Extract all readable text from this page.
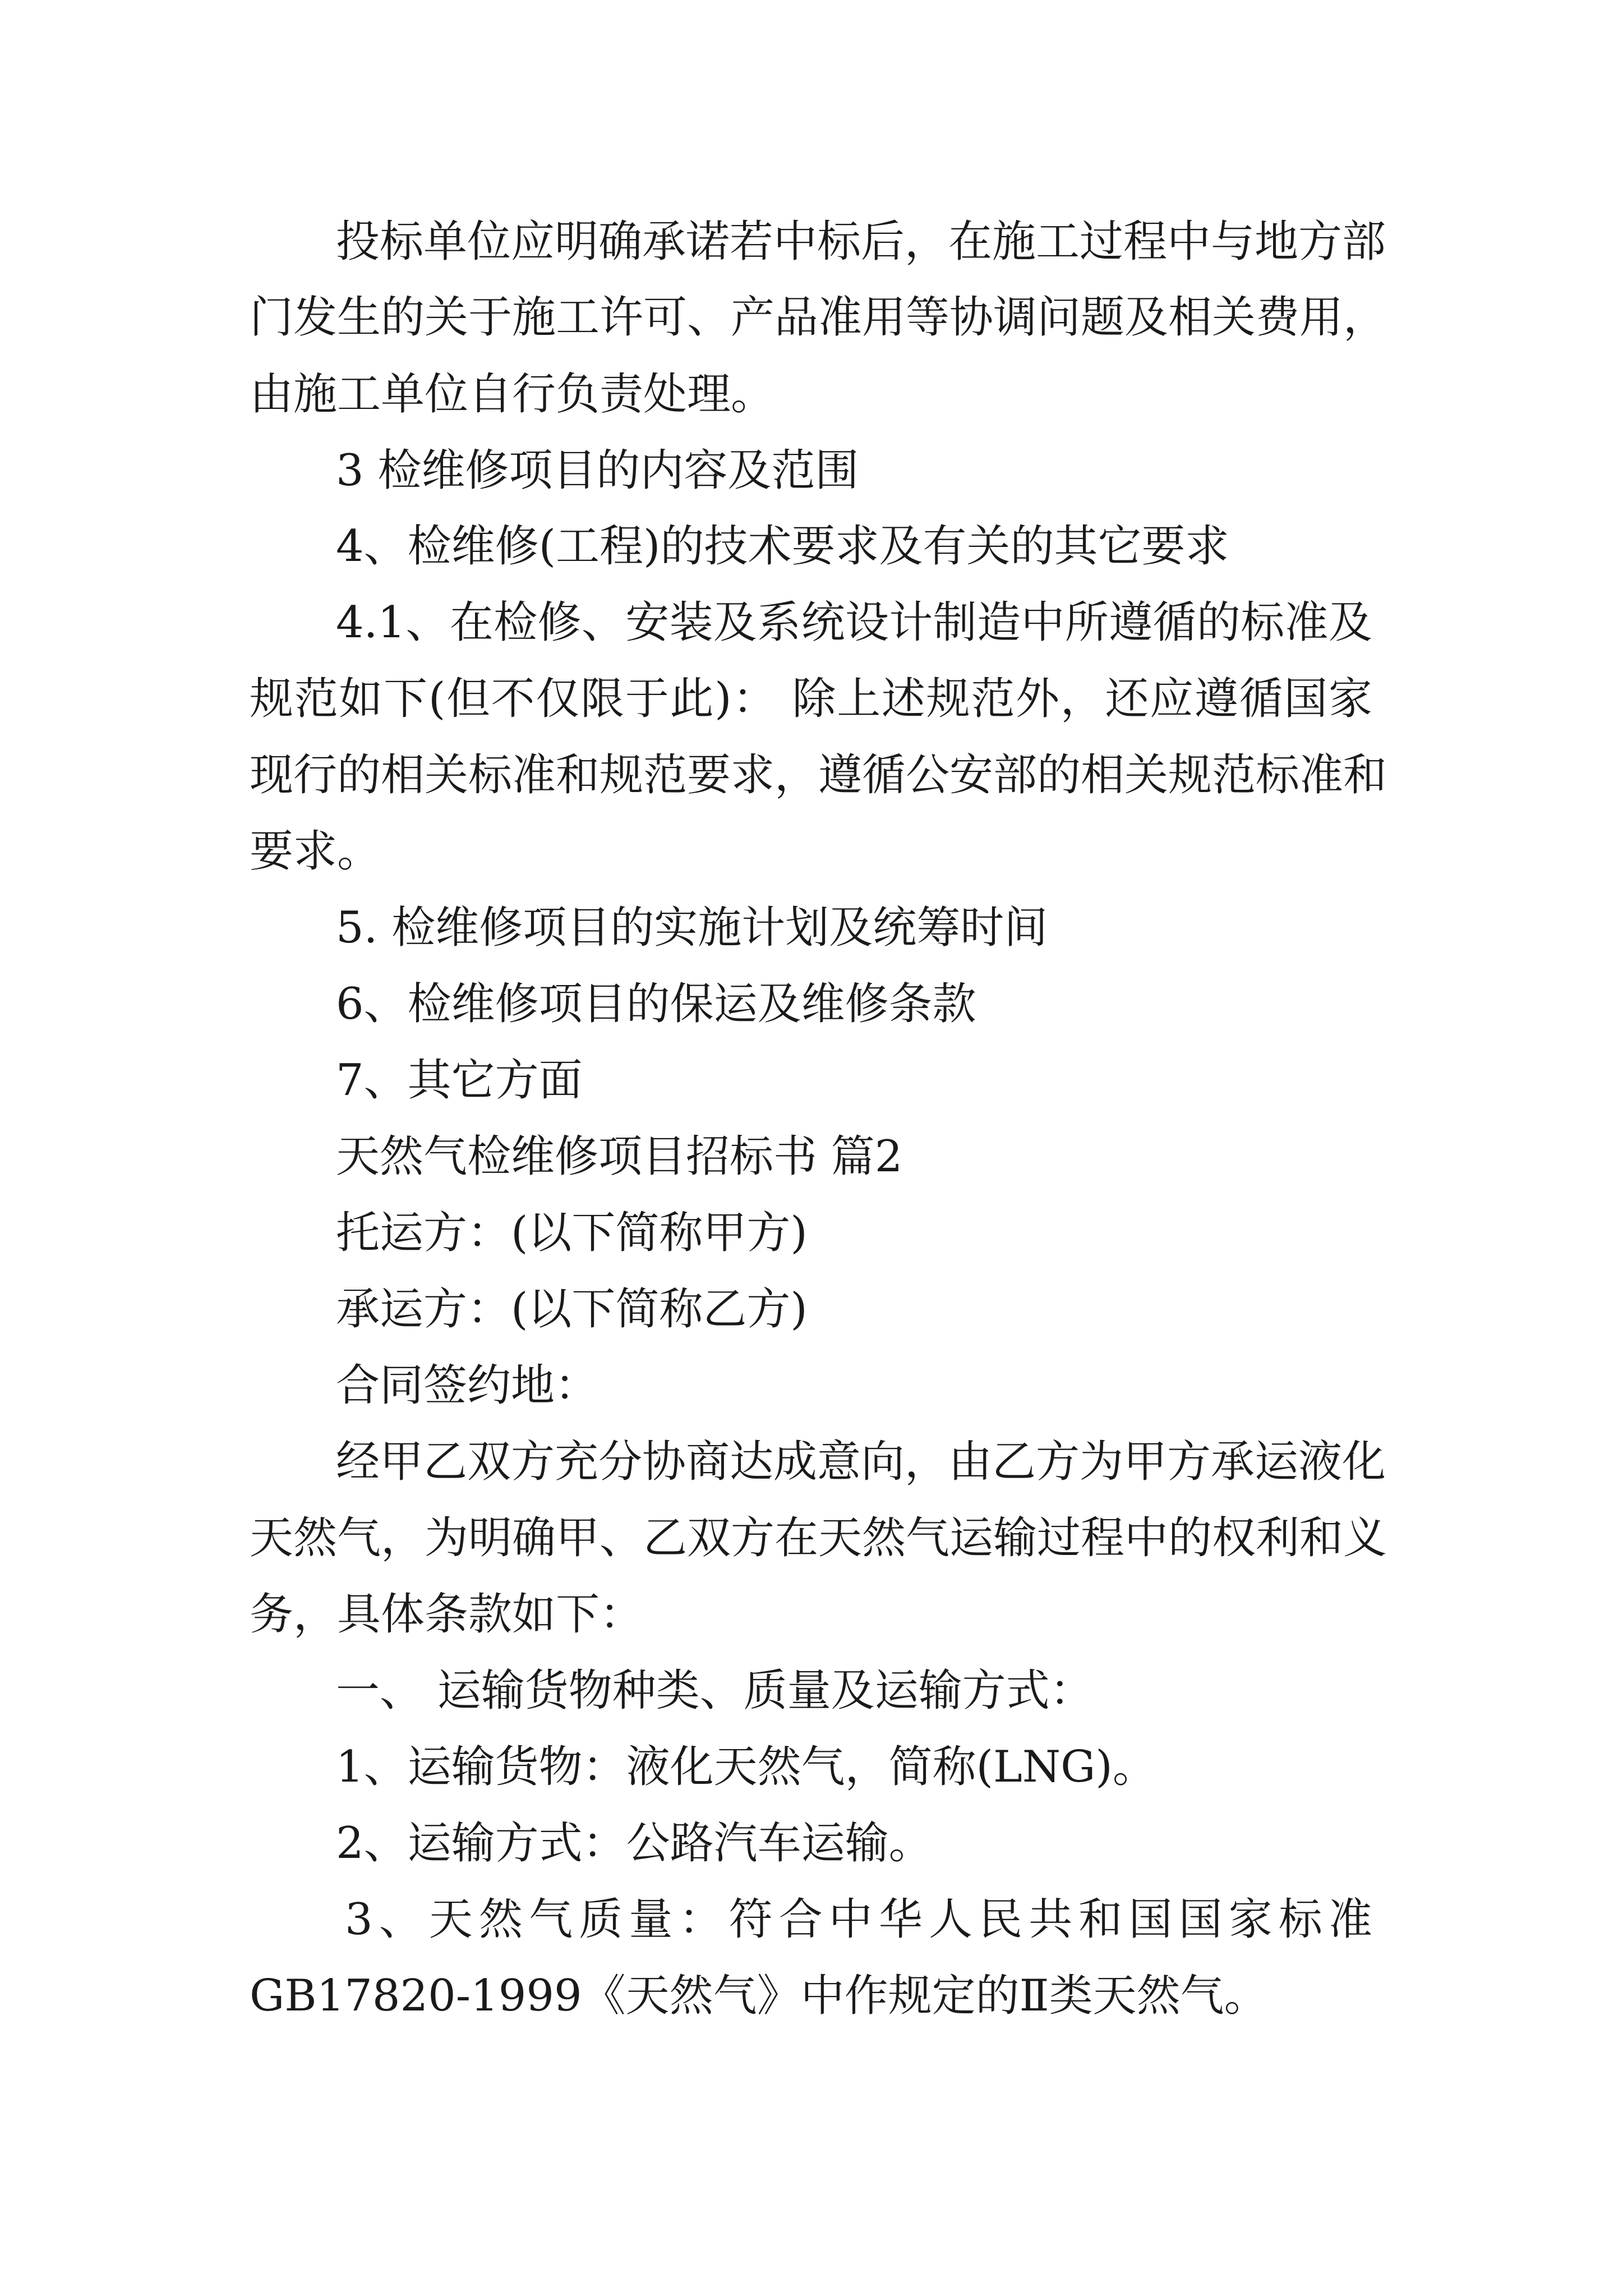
投标单位应明确承诺若中标后，在施工过程中与地方部
门发生的关于施工许可、产品准用等协调问题及相关费用，
由施工单位自行负责处理。
3 检维修项目的内容及范围
4、检维修(工程)的技术要求及有关的其它要求
4.1、在检修、安装及系统设计制造中所遵循的标准及
规范如下(但不仅限于此)： 除上述规范外，还应遵循国家
现行的相关标准和规范要求，遵循公安部的相关规范标准和
要求。
5. 检维修项目的实施计划及统筹时间
6、检维修项目的保运及维修条款
7、其它方面
天然气检维修项目招标书 篇2
托运方：(以下简称甲方)
承运方：(以下简称乙方)
合同签约地：
经甲乙双方充分协商达成意向，由乙方为甲方承运液化
天然气，为明确甲、乙双方在天然气运输过程中的权利和义
务，具体条款如下：
一、 运输货物种类、质量及运输方式：
1、运输货物：液化天然气，简称(LNG)。
2、运输方式：公路汽车运输。
3、天然气质量：符合中华人民共和国国家标准
GB17820-1999《天然气》中作规定的Ⅱ类天然气。
